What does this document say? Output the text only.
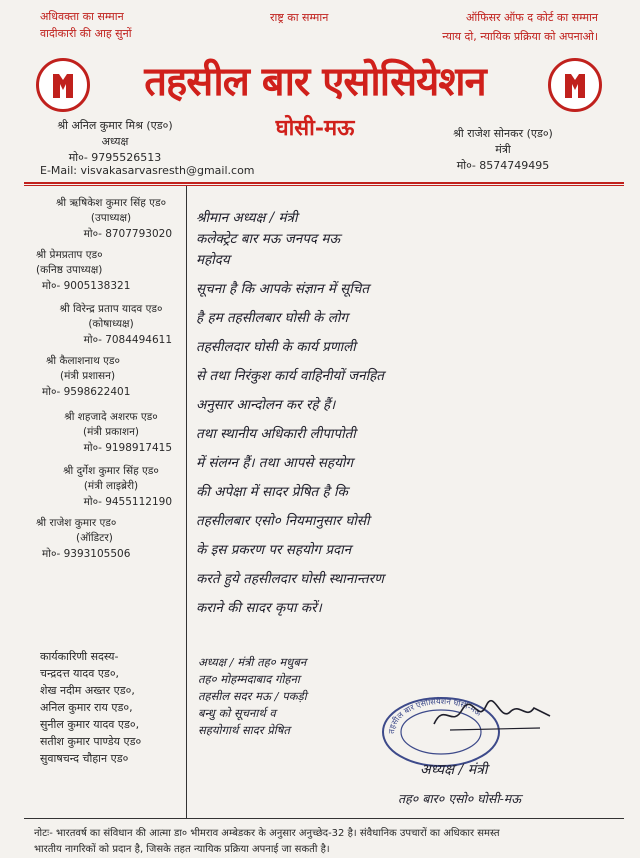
अधिवक्ता का सम्मान
वादीकारी की आह सुनों
राष्ट्र का सम्मान	ऑफिसर ऑफ द कोर्ट का सम्मान
न्याय दो, न्यायिक प्रक्रिया को अपनाओ।
तहसील बार एसोसियेशन
घोसी-मऊ
श्री अनिल कुमार मिश्र (एड०)
अध्यक्ष
मो०- 9795526513
श्री राजेश सोनकर (एड०)
मंत्री
मो०- 8574749495
E-Mail: visvakasarvasresth@gmail.com
श्री ऋषिकेश कुमार सिंह एड०
(उपाध्यक्ष)
मो०- 8707793020
श्री प्रेमप्रताप एड०
(कनिष्ठ उपाध्यक्ष)
मो०- 9005138321
श्री विरेन्द्र प्रताप यादव एड०
(कोषाध्यक्ष)
मो०- 7084494611
श्री कैलाशनाथ एड०
(मंत्री प्रशासन)
मो०- 9598622401
श्री शहजादे अशरफ एड०
(मंत्री प्रकाशन)
मो०- 9198917415
श्री दुर्गेश कुमार सिंह एड०
(मंत्री लाइब्रेरी)
मो०- 9455112190
श्री राजेश कुमार एड०
(ऑडिटर)
मो०- 9393105506
कार्यकारिणी सदस्य-
चन्द्रदत्त यादव एड०,
शेख नदीम अख्तर एड०,
अनिल कुमार राय एड०,
सुनील कुमार यादव एड०,
सतीश कुमार पाण्डेय एड०
सुवाषचन्द चौहान एड०
श्रीमान अध्यक्ष / मंत्री
कलेक्ट्रेट बार मऊ जनपद मऊ
महोदय
सूचना है कि आपके संज्ञान में सूचित
है हम तहसीलबार घोसी के लोग
तहसीलदार घोसी के कार्य प्रणाली
से तथा निरंकुश कार्य वाहिनीयों जनहित
अनुसार आन्दोलन कर रहे हैं।
तथा स्थानीय अधिकारी लीपापोती
में संलग्न हैं। तथा आपसे सहयोग
की अपेक्षा में सादर प्रेषित है कि
तहसीलबार एसो० नियमानुसार घोसी
के इस प्रकरण पर सहयोग प्रदान
करते हुये तहसीलदार घोसी स्थानान्तरण
कराने की सादर कृपा करें।
अध्यक्ष / मंत्री तह० मधुबन
तह० मोहम्मदाबाद गोहना
तहसील सदर मऊ / पकड़ी
बन्धु को सूचनार्थ व
सहयोगार्थ सादर प्रेषित	तहसील बार एसोसियेशन घोसी-मऊ
अध्यक्ष / मंत्री
तह० बार० एसो० घोसी-मऊ
नोटः- भारतवर्ष का संविधान की आत्मा डा० भीमराव अम्बेडकर के अनुसार अनुच्छेद-32 है। संवैधानिक उपचारों का अधिकार समस्त
भारतीय नागरिकों को प्रदान है, जिसके तहत न्यायिक प्रक्रिया अपनाई जा सकती है।
